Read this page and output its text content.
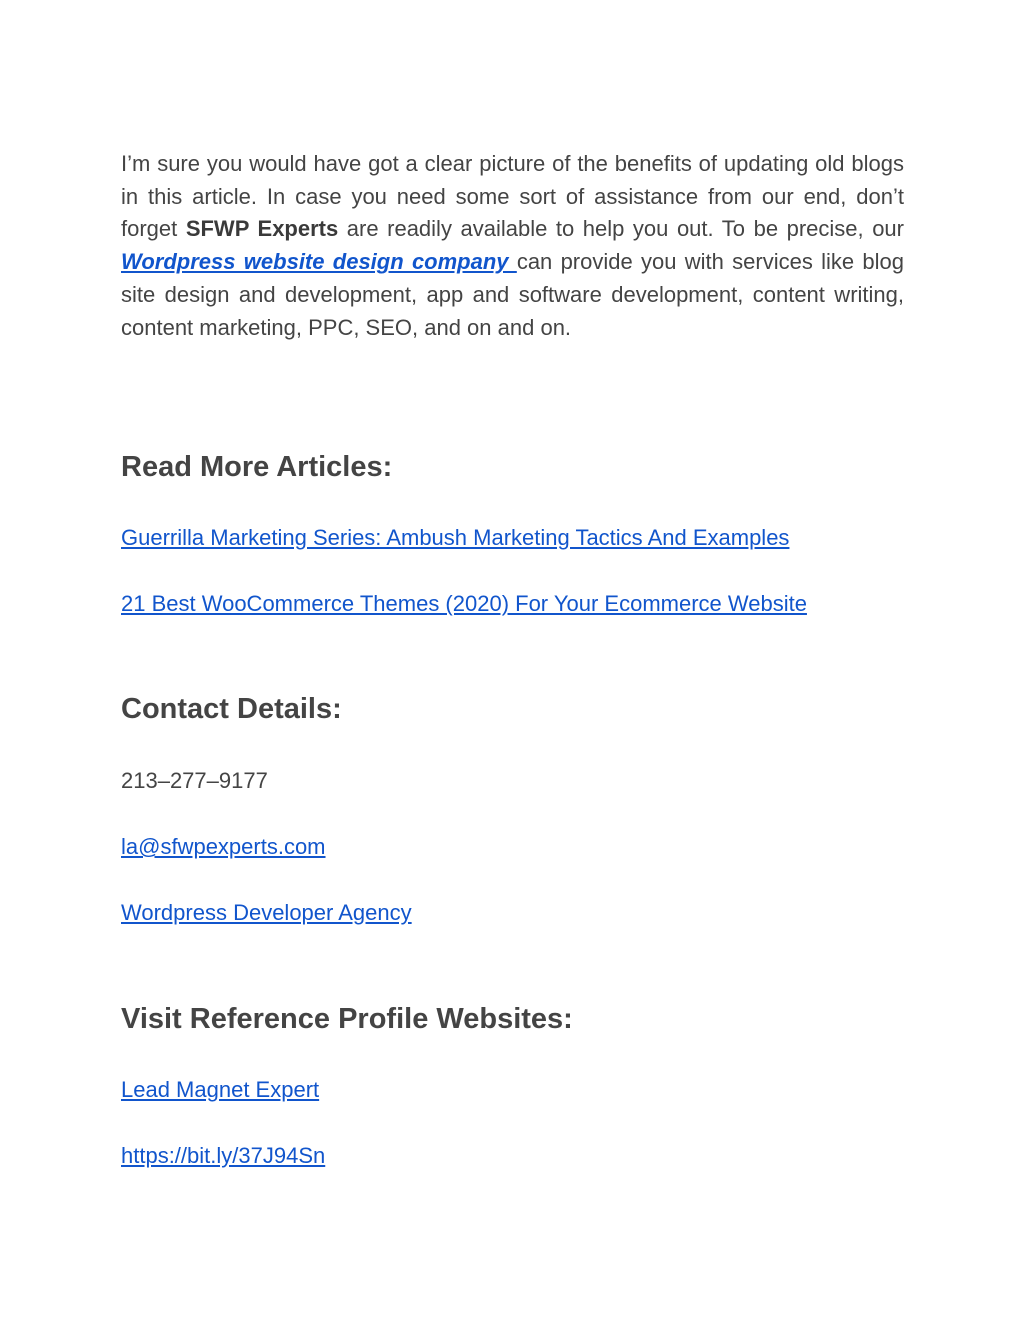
I’m sure you would have got a clear picture of the benefits of updating old blogs in this article. In case you need some sort of assistance from our end, don’t forget SFWP Experts are readily available to help you out. To be precise, our Wordpress website design company can provide you with services like blog site design and development, app and software development, content writing, content marketing, PPC, SEO, and on and on.

Read More Articles:
Guerrilla Marketing Series: Ambush Marketing Tactics And Examples
21 Best WooCommerce Themes (2020) For Your Ecommerce Website
Contact Details:
213–277–9177
la@sfwpexperts.com
Wordpress Developer Agency
Visit Reference Profile Websites:
Lead Magnet Expert
https://bit.ly/37J94Sn
